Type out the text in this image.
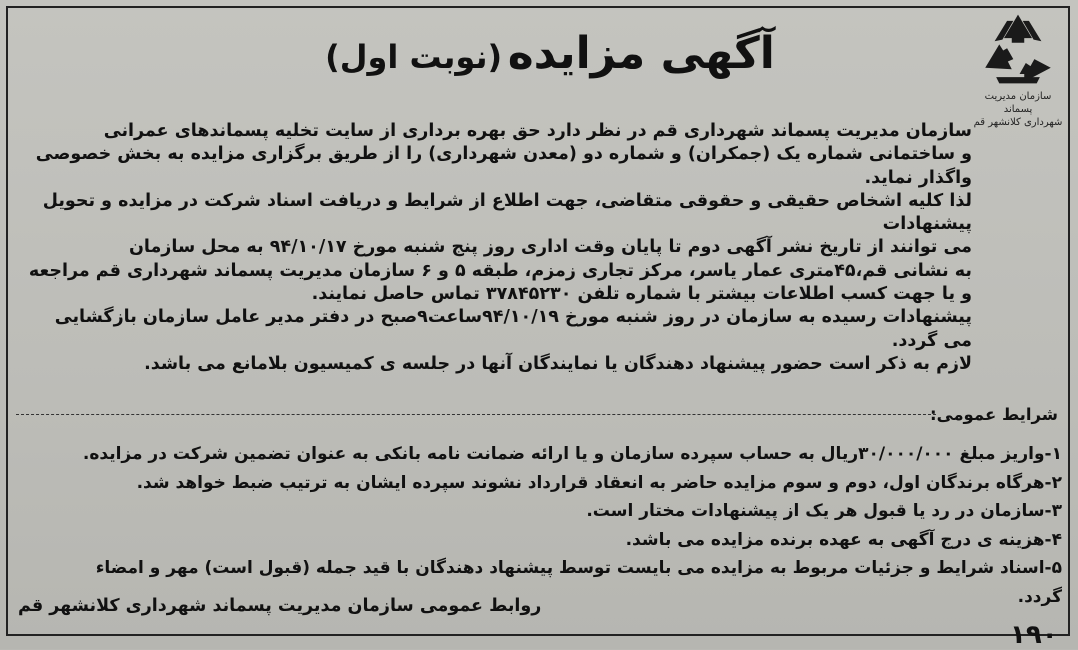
سازمان مدیریت پسماند
شهرداری کلانشهر قم
آگهی مزایده (نوبت اول)

سازمان مدیریت پسماند شهرداری قم در نظر دارد حق بهره برداری از سایت تخلیه پسماندهای عمرانی

و ساختمانی شماره یک (جمکران) و شماره دو (معدن شهرداری) را از طریق برگزاری مزایده به بخش خصوصی واگذار نماید.

لذا کلیه اشخاص حقیقی و حقوقی متقاضی، جهت اطلاع از شرایط و دریافت اسناد شرکت در مزایده و تحویل پیشنهادات

می توانند از تاریخ نشر آگهی دوم تا پایان وقت اداری روز پنج شنبه مورخ ۹۴/۱۰/۱۷ به محل سازمان

به نشانی قم،۴۵متری عمار یاسر، مرکز تجاری زمزم، طبقه ۵ و ۶ سازمان مدیریت پسماند شهرداری قم مراجعه

و یا جهت کسب اطلاعات بیشتر با شماره تلفن ۳۷۸۴۵۲۳۰ تماس حاصل نمایند.

پیشنهادات رسیده به سازمان در روز شنبه مورخ ۹۴/۱۰/۱۹ساعت۹صبح در دفتر مدیر عامل سازمان بازگشایی می گردد.

لازم به ذکر است حضور پیشنهاد دهندگان یا نمایندگان آنها در جلسه ی کمیسیون بلامانع می باشد.

شرایط عمومی:
۱-واریز مبلغ ۳۰/۰۰۰/۰۰۰ریال به حساب سپرده سازمان و یا ارائه ضمانت نامه بانکی به عنوان تضمین شرکت در مزایده.
۲-هرگاه برندگان اول، دوم و سوم مزایده حاضر به انعقاد قرارداد نشوند سپرده ایشان به ترتیب ضبط خواهد شد.
۳-سازمان در رد یا قبول هر یک از پیشنهادات مختار است.
۴-هزینه ی درج آگهی به عهده برنده مزایده می باشد.
۵-اسناد شرایط و جزئیات مربوط به مزایده می بایست توسط پیشنهاد دهندگان با قید جمله (قبول است) مهر و امضاء گردد.
روابط عمومی سازمان مدیریت پسماند شهرداری کلانشهر قم
۱۹۰
